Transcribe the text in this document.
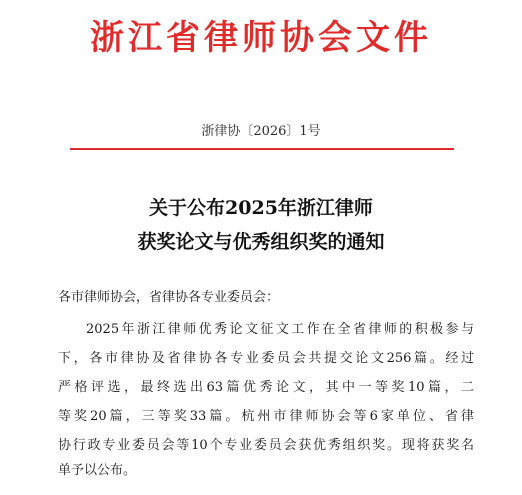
浙江省律师协会文件
浙律协〔2026〕1号
关于公布2025年浙江律师
获奖论文与优秀组织奖的通知
各市律师协会，省律协各专业委员会：
2025年浙江律师优秀论文征文工作在全省律师的积极参与
下，各市律协及省律协各专业委员会共提交论文256篇。经过
严格评选，最终选出63篇优秀论文，其中一等奖10篇，二
等奖20篇，三等奖33篇。杭州市律师协会等6家单位、省律
协行政专业委员会等10个专业委员会获优秀组织奖。现将获奖名
单予以公布。
